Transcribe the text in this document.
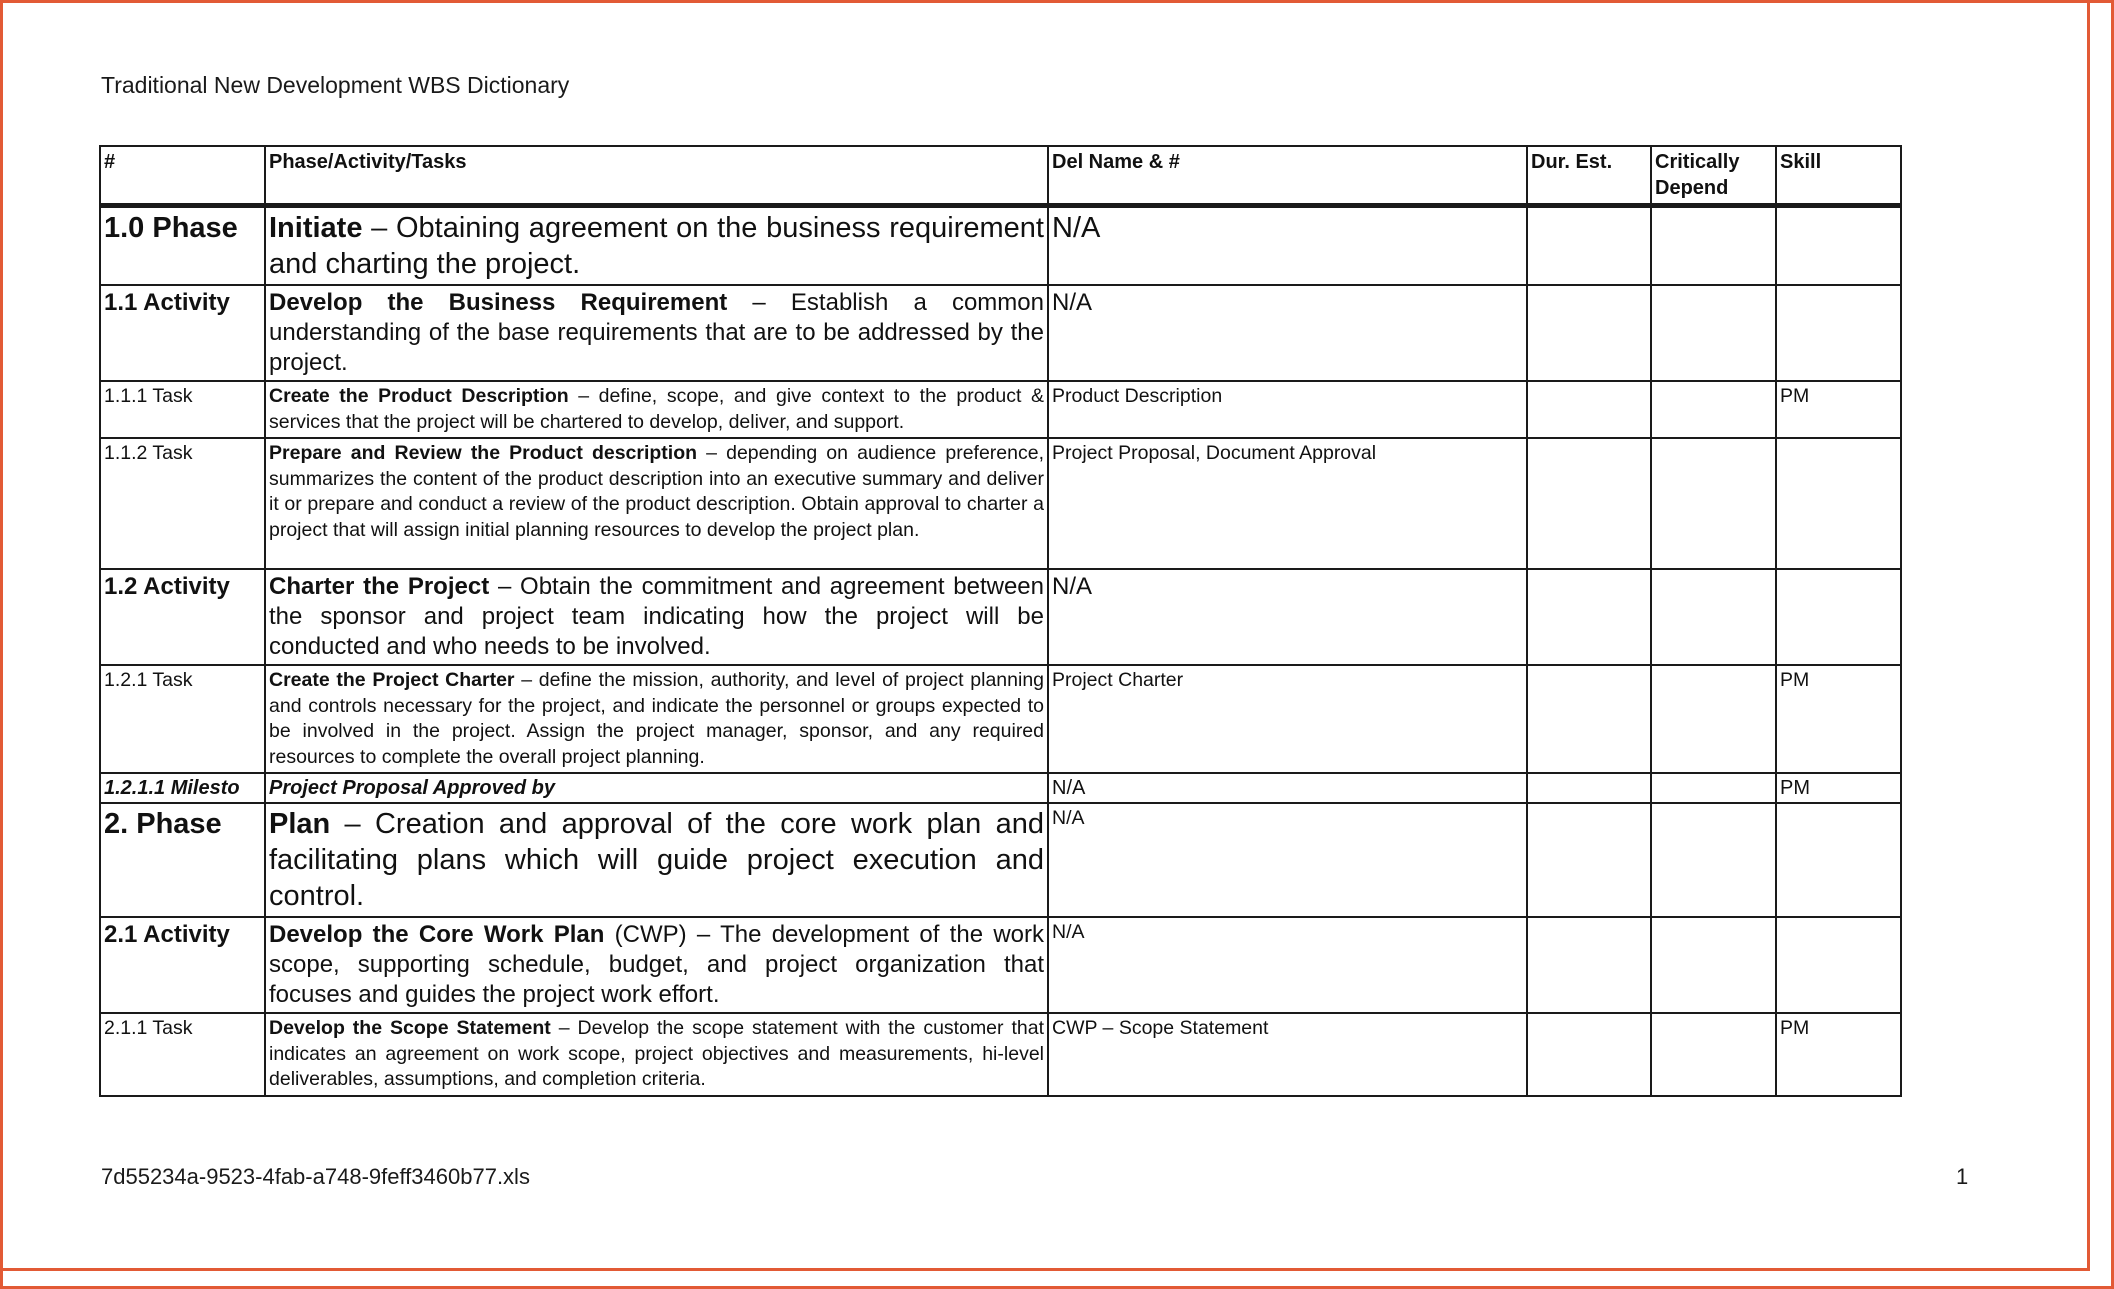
Traditional New Development WBS Dictionary
#	Phase/Activity/Tasks	Del Name & #	Dur. Est.	Critically Depend	Skill
1.0 Phase	Initiate – Obtaining agreement on the business requirement and charting the project.	N/A			
1.1 Activity	Develop the Business Requirement – Establish a common understanding of the base requirements that are to be addressed by the project.	N/A			
1.1.1 Task	Create the Product Description – define, scope, and give context to the product & services that the project will be chartered to develop, deliver, and support.	Product Description			PM
1.1.2 Task	Prepare and Review the Product description – depending on audience preference, summarizes the content of the product description into an executive summary and deliver it or prepare and conduct a review of the product description. Obtain approval to charter a project that will assign initial planning resources to develop the project plan.	Project Proposal, Document Approval			
1.2 Activity	Charter the Project – Obtain the commitment and agreement between the sponsor and project team indicating how the project will be conducted and who needs to be involved.	N/A			
1.2.1 Task	Create the Project Charter – define the mission, authority, and level of project planning and controls necessary for the project, and indicate the personnel or groups expected to be involved in the project. Assign the project manager, sponsor, and any required resources to complete the overall project planning.	Project Charter			PM
1.2.1.1 Milesto	Project Proposal Approved by	N/A			PM
2. Phase	Plan – Creation and approval of the core work plan and facilitating plans which will guide project execution and control.	N/A			
2.1 Activity	Develop the Core Work Plan (CWP) – The development of the work scope, supporting schedule, budget, and project organization that focuses and guides the project work effort.	N/A			
2.1.1 Task	Develop the Scope Statement – Develop the scope statement with the customer that indicates an agreement on work scope, project objectives and measurements, hi-level deliverables, assumptions, and completion criteria.	CWP – Scope Statement			PM
7d55234a-9523-4fab-a748-9feff3460b77.xls	1
